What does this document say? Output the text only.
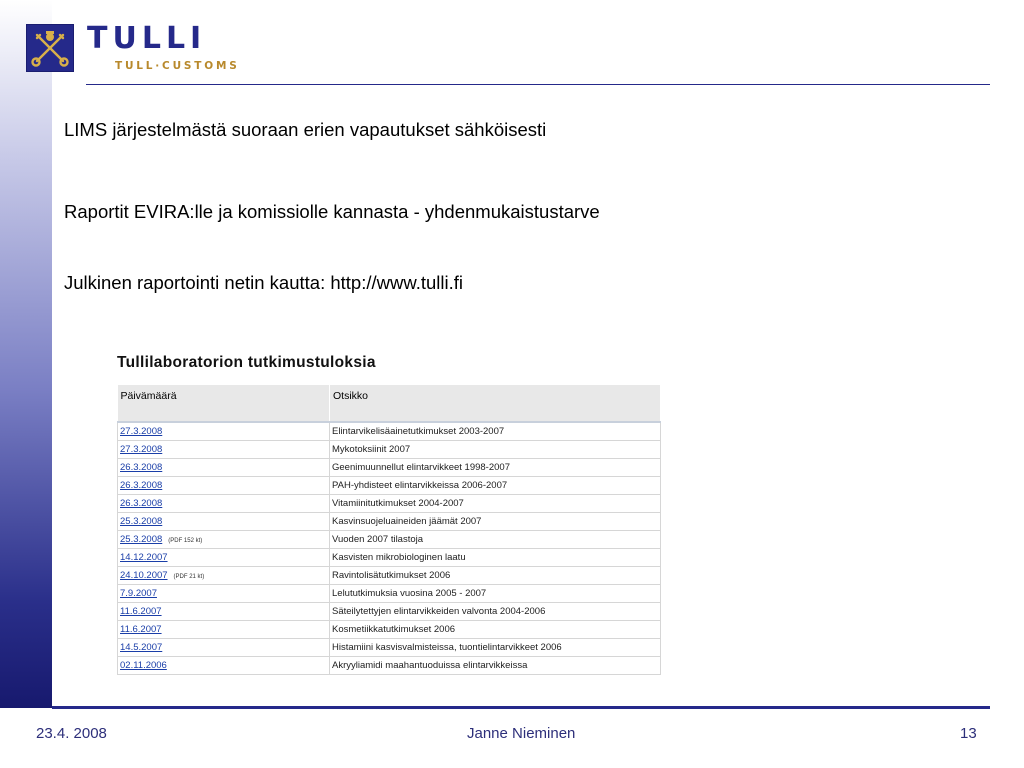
TULLI
TULL·CUSTOMS
LIMS järjestelmästä suoraan erien vapautukset sähköisesti
Raportit EVIRA:lle ja komissiolle kannasta - yhdenmukaistustarve
Julkinen raportointi netin kautta: http://www.tulli.fi
Tullilaboratorion tutkimustuloksia
Päivämäärä	Otsikko
27.3.2008	Elintarvikelisäainetutkimukset 2003-2007
27.3.2008	Mykotoksiinit 2007
26.3.2008	Geenimuunnellut elintarvikkeet 1998-2007
26.3.2008	PAH-yhdisteet elintarvikkeissa 2006-2007
26.3.2008	Vitamiinitutkimukset 2004-2007
25.3.2008	Kasvinsuojeluaineiden jäämät 2007
25.3.2008 (PDF 152 kt)	Vuoden 2007 tilastoja
14.12.2007	Kasvisten mikrobiologinen laatu
24.10.2007 (PDF 21 kt)	Ravintolisätutkimukset 2006
7.9.2007	Lelututkimuksia vuosina 2005 - 2007
11.6.2007	Säteilytettyjen elintarvikkeiden valvonta 2004-2006
11.6.2007	Kosmetiikkatutkimukset 2006
14.5.2007	Histamiini kasvisvalmisteissa, tuontielintarvikkeet 2006
02.11.2006	Akryyliamidi maahantuoduissa elintarvikkeissa
23.4. 2008	Janne Nieminen	13
